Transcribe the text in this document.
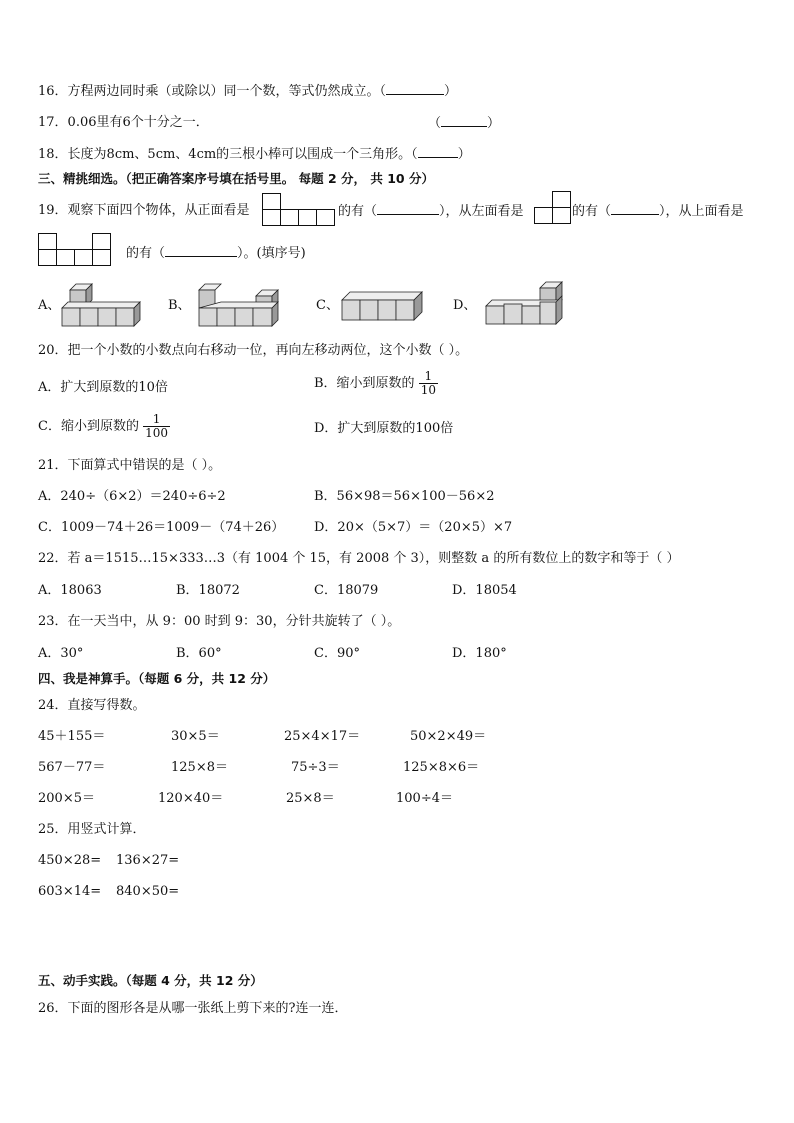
16．方程两边同时乘（或除以）同一个数，等式仍然成立。（	）
17．0.06里有6个十分之一．	（	）
18．长度为8cm、5cm、4cm的三根小棒可以围成一个三角形。（	）
三、精挑细选。（把正确答案序号填在括号里。 每题 2 分， 共 10 分）
19．观察下面四个物体，从正面看是

				的有（	），从左面看是

		的有（	），从上面看是

的有（	）。(填序号)
A、	B、	C、	D、
20．把一个小数的小数点向右移动一位，再向左移动两位，这个小数（ ）。
A．扩大到原数的10倍	B．缩小到原数的 $\frac{1}{10}$
C．缩小到原数的 $\frac{1}{100}$	D．扩大到原数的100倍
21．下面算式中错误的是（ ）。
A．240÷（6×2）＝240÷6÷2	B．56×98＝56×100－56×2
C．1009－74＋26＝1009－（74＋26） D．20×（5×7）＝（20×5）×7
22．若 a＝1515…15×333…3（有 1004 个 15，有 2008 个 3），则整数 a 的所有数位上的数字和等于（ ）
A．18063	B．18072	C．18079	D．18054
23．在一天当中，从 9：00 时到 9：30，分针共旋转了（ ）。
A．30°	B．60°	C．90°	D．180°
四、我是神算手。（每题 6 分，共 12 分）
24．直接写得数。
45＋155＝	30×5＝	25×4×17＝	50×2×49＝
567－77＝	125×8＝	75÷3＝	125×8×6＝
200×5＝	120×40＝	25×8＝	100÷4＝
25．用竖式计算．
450×28= 136×27=
603×14= 840×50=
五、动手实践。（每题 4 分，共 12 分）
26．下面的图形各是从哪一张纸上剪下来的?连一连．
